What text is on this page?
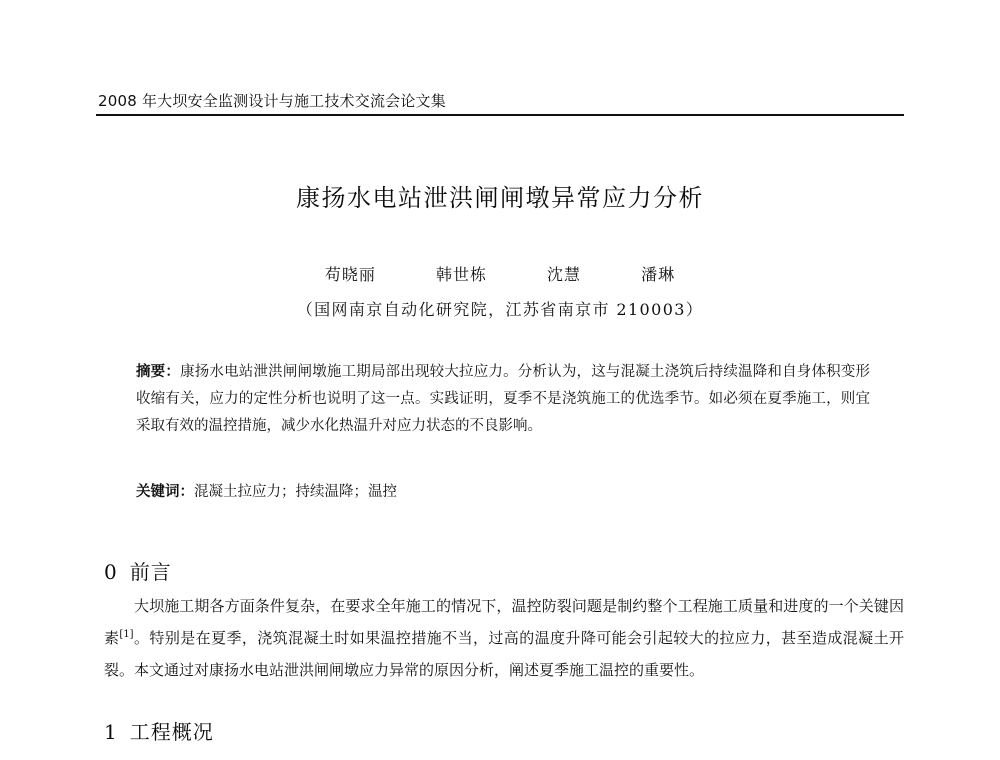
2008 年大坝安全监测设计与施工技术交流会论文集
康扬水电站泄洪闸闸墩异常应力分析
苟晓丽	韩世栋	沈慧	潘琳
（国网南京自动化研究院，江苏省南京市 210003）
摘要：康扬水电站泄洪闸闸墩施工期局部出现较大拉应力。分析认为，这与混凝土浇筑后持续温降和自身体积变形收缩有关，应力的定性分析也说明了这一点。实践证明，夏季不是浇筑施工的优选季节。如必须在夏季施工，则宜采取有效的温控措施，减少水化热温升对应力状态的不良影响。
关键词：混凝土拉应力；持续温降；温控
0 前言
大坝施工期各方面条件复杂，在要求全年施工的情况下，温控防裂问题是制约整个工程施工质量和进度的一个关键因素[1]。特别是在夏季，浇筑混凝土时如果温控措施不当，过高的温度升降可能会引起较大的拉应力，甚至造成混凝土开裂。本文通过对康扬水电站泄洪闸闸墩应力异常的原因分析，阐述夏季施工温控的重要性。
1 工程概况
